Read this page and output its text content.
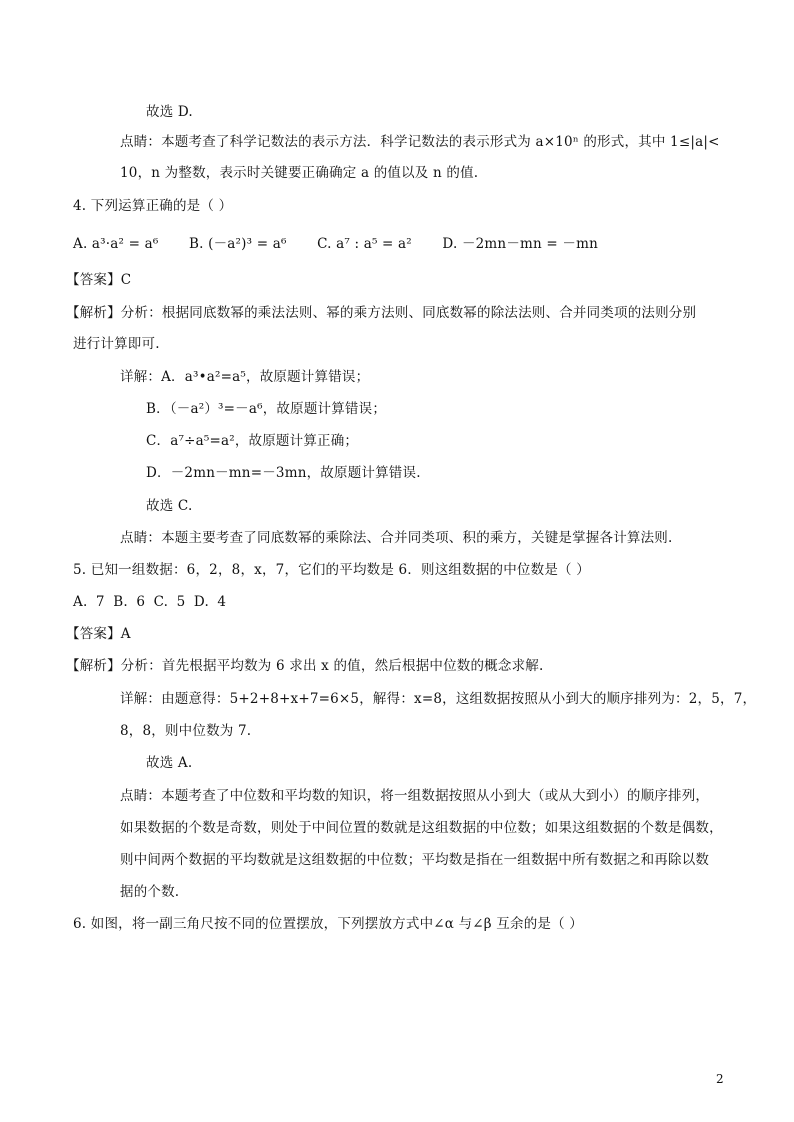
故选 D.
点睛：本题考查了科学记数法的表示方法．科学记数法的表示形式为 a×10ⁿ 的形式，其中 1≤|a|<
10，n 为整数，表示时关键要正确确定 a 的值以及 n 的值.
4. 下列运算正确的是（ ）
A. a³·a² = a⁶ B. (－a²)³ = a⁶ C. a⁷ : a⁵ = a² D. －2mn－mn = －mn
【答案】C
【解析】分析：根据同底数幂的乘法法则、幂的乘方法则、同底数幂的除法法则、合并同类项的法则分别
进行计算即可.
详解：A．a³•a²=a⁵，故原题计算错误；
B．（－a²）³=－a⁶，故原题计算错误；
C．a⁷÷a⁵=a²，故原题计算正确；
D．－2mn－mn=－3mn，故原题计算错误.
故选 C.
点睛：本题主要考查了同底数幂的乘除法、合并同类项、积的乘方，关键是掌握各计算法则.
5. 已知一组数据：6，2，8，x，7，它们的平均数是 6．则这组数据的中位数是（ ）
A. 7 B. 6 C. 5 D. 4
【答案】A
【解析】分析：首先根据平均数为 6 求出 x 的值，然后根据中位数的概念求解.
详解：由题意得：5+2+8+x+7=6×5，解得：x=8，这组数据按照从小到大的顺序排列为：2，5，7，
8，8，则中位数为 7.
故选 A.
点睛：本题考查了中位数和平均数的知识，将一组数据按照从小到大（或从大到小）的顺序排列，
如果数据的个数是奇数，则处于中间位置的数就是这组数据的中位数；如果这组数据的个数是偶数，
则中间两个数据的平均数就是这组数据的中位数；平均数是指在一组数据中所有数据之和再除以数
据的个数.
6. 如图，将一副三角尺按不同的位置摆放，下列摆放方式中∠α 与∠β 互余的是（ ）
2
